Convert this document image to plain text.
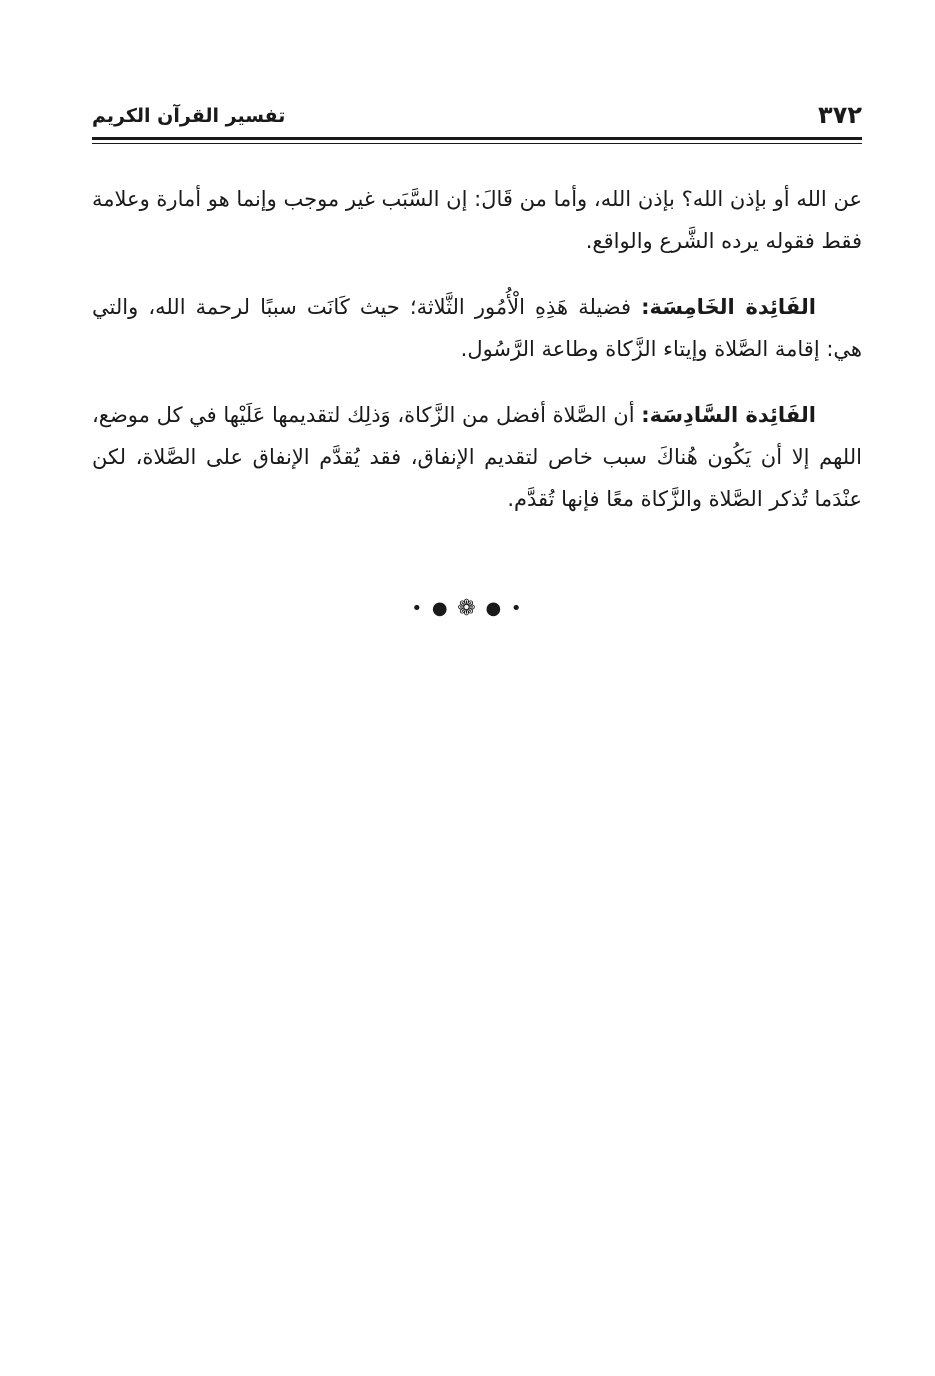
٣٧٢
تفسير القرآن الكريم

عن الله أو بإذن الله؟ بإذن الله، وأما من قَالَ: إن السَّبَب غير موجب وإنما هو أمارة وعلامة فقط فقوله يرده الشَّرع والواقع.

الفَائِدة الخَامِسَة: فضيلة هَذِهِ الْأُمُور الثَّلاثة؛ حيث كَانَت سببًا لرحمة الله، والتي هي: إقامة الصَّلاة وإيتاء الزَّكاة وطاعة الرَّسُول.

الفَائِدة السَّادِسَة: أن الصَّلاة أفضل من الزَّكاة، وَذلِك لتقديمها عَلَيْها في كل موضع، اللهم إلا أن يَكُون هُناكَ سبب خاص لتقديم الإنفاق، فقد يُقدَّم الإنفاق على الصَّلاة، لكن عنْدَما تُذكر الصَّلاة والزَّكاة معًا فإنها تُقدَّم.

• ● ❁ ● •
